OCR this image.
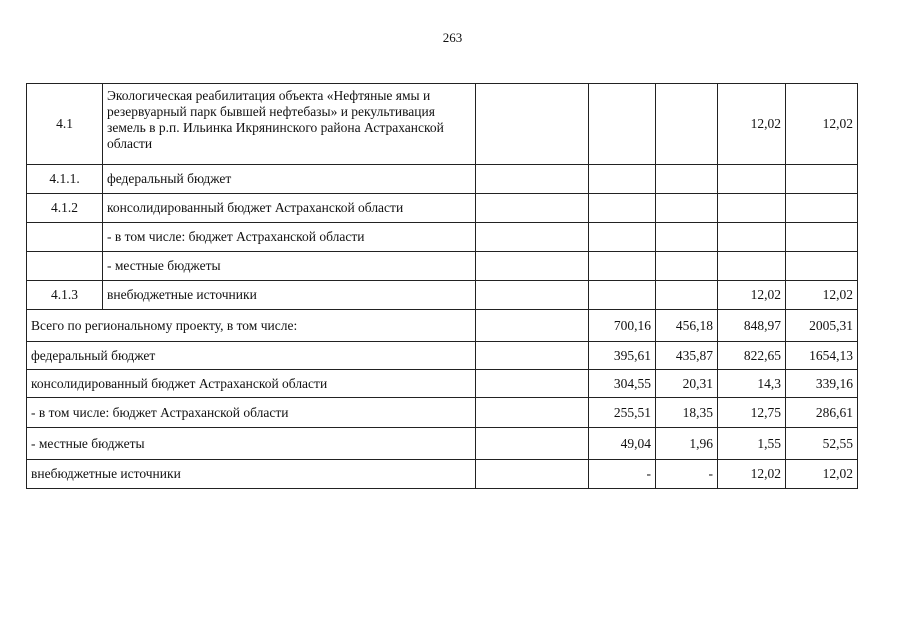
263
4.1	Экологическая реабилитация объекта «Нефтяные ямы и резервуарный парк бывшей нефтебазы» и рекультивация земель в р.п. Ильинка Икрянинского района Астраханской области				12,02	12,02
4.1.1.	федеральный бюджет					
4.1.2	консолидированный бюджет Астраханской области					
	- в том числе: бюджет Астраханской области					
	- местные бюджеты					
4.1.3	внебюджетные источники				12,02	12,02
Всего по региональному проекту, в том числе:			700,16	456,18	848,97	2005,31
федеральный бюджет			395,61	435,87	822,65	1654,13
консолидированный бюджет Астраханской области			304,55	20,31	14,3	339,16
- в том числе: бюджет Астраханской области			255,51	18,35	12,75	286,61
- местные бюджеты			49,04	1,96	1,55	52,55
внебюджетные источники			-	-	12,02	12,02
